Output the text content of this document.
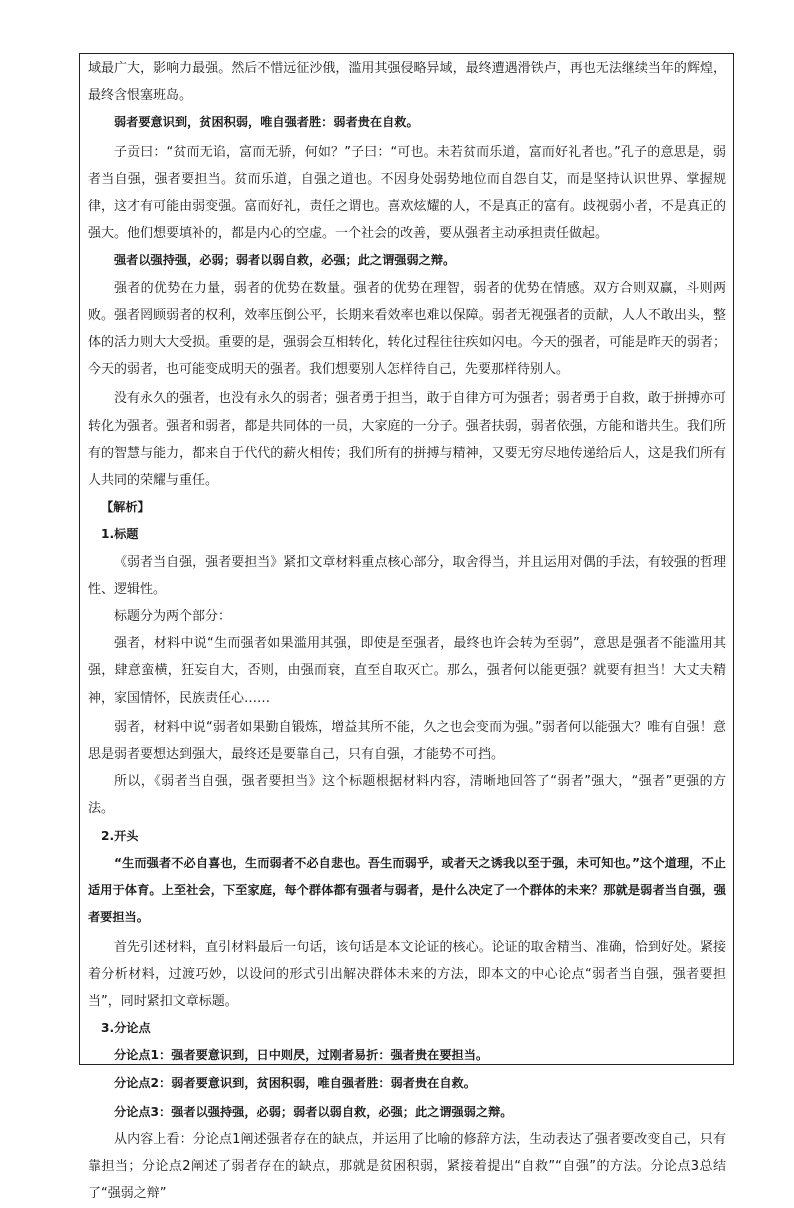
域最广大，影响力最强。然后不惜远征沙俄，滥用其强侵略异域，最终遭遇滑铁卢，再也无法继续当年的辉煌，最终含恨塞班岛。

弱者要意识到，贫困积弱，唯自强者胜：弱者贵在自救。

子贡曰：“贫而无谄，富而无骄，何如？”子曰：“可也。未若贫而乐道，富而好礼者也。”孔子的意思是，弱者当自强，强者要担当。贫而乐道，自强之道也。不因身处弱势地位而自怨自艾，而是坚持认识世界、掌握规律，这才有可能由弱变强。富而好礼，责任之谓也。喜欢炫耀的人，不是真正的富有。歧视弱小者，不是真正的强大。他们想要填补的，都是内心的空虚。一个社会的改善，要从强者主动承担责任做起。

强者以强持强，必弱；弱者以弱自救，必强；此之谓强弱之辩。

强者的优势在力量，弱者的优势在数量。强者的优势在理智，弱者的优势在情感。双方合则双赢，斗则两败。强者罔顾弱者的权利，效率压倒公平，长期来看效率也难以保障。弱者无视强者的贡献，人人不敢出头，整体的活力则大大受损。重要的是，强弱会互相转化，转化过程往往疾如闪电。今天的强者，可能是昨天的弱者；今天的弱者，也可能变成明天的强者。我们想要别人怎样待自己，先要那样待别人。

没有永久的强者，也没有永久的弱者；强者勇于担当，敢于自律方可为强者；弱者勇于自救，敢于拼搏亦可转化为强者。强者和弱者，都是共同体的一员，大家庭的一分子。强者扶弱，弱者依强，方能和谐共生。我们所有的智慧与能力，都来自于代代的薪火相传；我们所有的拼搏与精神，又要无穷尽地传递给后人，这是我们所有人共同的荣耀与重任。

【解析】

1.标题

《弱者当自强，强者要担当》紧扣文章材料重点核心部分，取舍得当，并且运用对偶的手法，有较强的哲理性、逻辑性。

标题分为两个部分：

强者，材料中说“生而强者如果滥用其强，即使是至强者，最终也许会转为至弱”，意思是强者不能滥用其强，肆意蛮横，狂妄自大，否则，由强而衰，直至自取灭亡。那么，强者何以能更强？就要有担当！大丈夫精神，家国情怀，民族责任心……

弱者，材料中说“弱者如果勤自锻炼，增益其所不能，久之也会变而为强。”弱者何以能强大？唯有自强！意思是弱者要想达到强大，最终还是要靠自己，只有自强，才能势不可挡。

所以，《弱者当自强，强者要担当》这个标题根据材料内容，清晰地回答了“弱者”强大，“强者”更强的方法。

2.开头

“生而强者不必自喜也，生而弱者不必自悲也。吾生而弱乎，或者天之诱我以至于强，未可知也。”这个道理，不止适用于体育。上至社会，下至家庭，每个群体都有强者与弱者，是什么决定了一个群体的未来？那就是弱者当自强，强者要担当。

首先引述材料，直引材料最后一句话，该句话是本文论证的核心。论证的取舍精当、准确，恰到好处。紧接着分析材料，过渡巧妙，以设问的形式引出解决群体未来的方法，即本文的中心论点“弱者当自强，强者要担当”，同时紧扣文章标题。

3.分论点

分论点1：强者要意识到，日中则昃，过刚者易折：强者贵在要担当。

分论点2：弱者要意识到，贫困积弱，唯自强者胜：弱者贵在自救。

分论点3：强者以强持强，必弱；弱者以弱自救，必强；此之谓强弱之辩。

从内容上看：分论点1阐述强者存在的缺点，并运用了比喻的修辞方法，生动表达了强者要改变自己，只有靠担当；分论点2阐述了弱者存在的缺点，那就是贫困积弱，紧接着提出“自救”“自强”的方法。分论点3总结了“强弱之辩”
